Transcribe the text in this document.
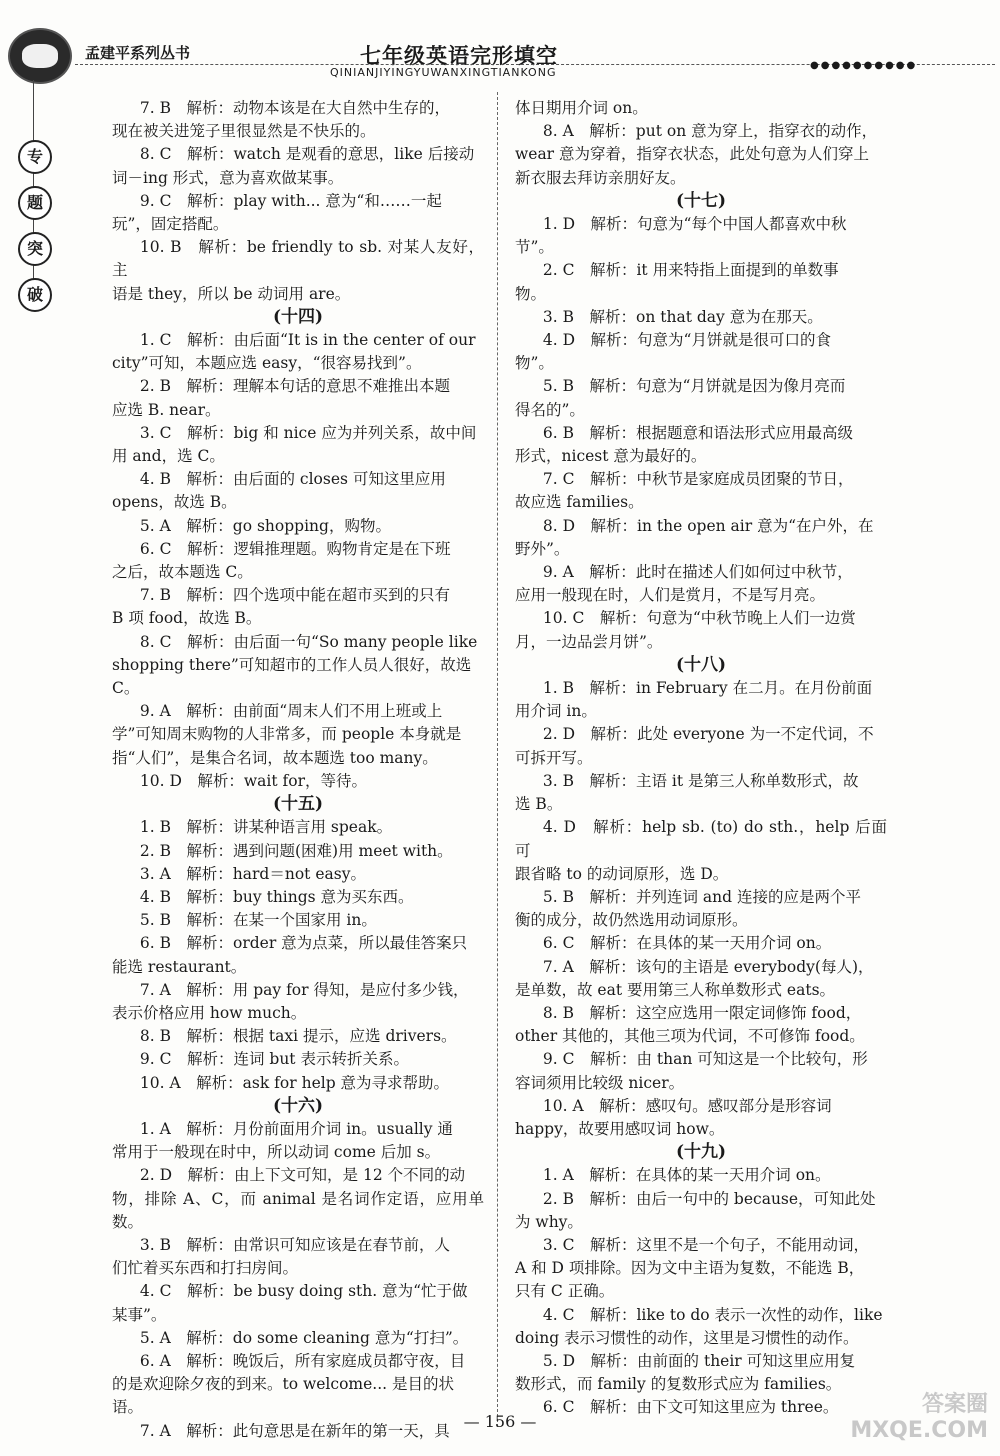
孟建平系列丛书	七年级英语完形填空	●●●●●●●●●●
QINIANJIYINGYUWANXINGTIANKONG
专
题
突
破

7. B　解析：动物本该是在大自然中生存的，

现在被关进笼子里很显然是不快乐的。

8. C　解析：watch 是观看的意思，like 后接动

词－ing 形式，意为喜欢做某事。

9. C　解析：play with... 意为“和……一起

玩”，固定搭配。

10. B　解析：be friendly to sb. 对某人友好，主

语是 they，所以 be 动词用 are。

(十四)

1. C　解析：由后面“It is in the center of our

city”可知，本题应选 easy，“很容易找到”。

2. B　解析：理解本句话的意思不难推出本题

应选 B. near。

3. C　解析：big 和 nice 应为并列关系，故中间

用 and，选 C。

4. B　解析：由后面的 closes 可知这里应用

opens，故选 B。

5. A　解析：go shopping，购物。

6. C　解析：逻辑推理题。购物肯定是在下班

之后，故本题选 C。

7. B　解析：四个选项中能在超市买到的只有

B 项 food，故选 B。

8. C　解析：由后面一句“So many people like

shopping there”可知超市的工作人员人很好，故选

C。

9. A　解析：由前面“周末人们不用上班或上

学”可知周末购物的人非常多，而 people 本身就是

指“人们”，是集合名词，故本题选 too many。

10. D　解析：wait for，等待。

(十五)

1. B　解析：讲某种语言用 speak。

2. B　解析：遇到问题(困难)用 meet with。

3. A　解析：hard＝not easy。

4. B　解析：buy things 意为买东西。

5. B　解析：在某一个国家用 in。

6. B　解析：order 意为点菜，所以最佳答案只

能选 restaurant。

7. A　解析：用 pay for 得知，是应付多少钱，

表示价格应用 how much。

8. B　解析：根据 taxi 提示，应选 drivers。

9. C　解析：连词 but 表示转折关系。

10. A　解析：ask for help 意为寻求帮助。

(十六)

1. A　解析：月份前面用介词 in。usually 通

常用于一般现在时中，所以动词 come 后加 s。

2. D　解析：由上下文可知，是 12 个不同的动

物，排除 A、C，而 animal 是名词作定语，应用单数。

3. B　解析：由常识可知应该是在春节前，人

们忙着买东西和打扫房间。

4. C　解析：be busy doing sth. 意为“忙于做

某事”。

5. A　解析：do some cleaning 意为“打扫”。

6. A　解析：晚饭后，所有家庭成员都守夜，目

的是欢迎除夕夜的到来。to welcome... 是目的状

语。

7. A　解析：此句意思是在新年的第一天，具

体日期用介词 on。

8. A　解析：put on 意为穿上，指穿衣的动作，

wear 意为穿着，指穿衣状态，此处句意为人们穿上

新衣服去拜访亲朋好友。

(十七)

1. D　解析：句意为“每个中国人都喜欢中秋

节”。

2. C　解析：it 用来特指上面提到的单数事

物。

3. B　解析：on that day 意为在那天。

4. D　解析：句意为“月饼就是很可口的食

物”。

5. B　解析：句意为“月饼就是因为像月亮而

得名的”。

6. B　解析：根据题意和语法形式应用最高级

形式，nicest 意为最好的。

7. C　解析：中秋节是家庭成员团聚的节日，

故应选 families。

8. D　解析：in the open air 意为“在户外，在

野外”。

9. A　解析：此时在描述人们如何过中秋节，

应用一般现在时，人们是赏月，不是写月亮。

10. C　解析：句意为“中秋节晚上人们一边赏

月，一边品尝月饼”。

(十八)

1. B　解析：in February 在二月。在月份前面

用介词 in。

2. D　解析：此处 everyone 为一不定代词，不

可拆开写。

3. B　解析：主语 it 是第三人称单数形式，故

选 B。

4. D　解析：help sb. (to) do sth.，help 后面可

跟省略 to 的动词原形，选 D。

5. B　解析：并列连词 and 连接的应是两个平

衡的成分，故仍然选用动词原形。

6. C　解析：在具体的某一天用介词 on。

7. A　解析：该句的主语是 everybody(每人)，

是单数，故 eat 要用第三人称单数形式 eats。

8. B　解析：这空应选用一限定词修饰 food，

other 其他的，其他三项为代词，不可修饰 food。

9. C　解析：由 than 可知这是一个比较句，形

容词须用比较级 nicer。

10. A　解析：感叹句。感叹部分是形容词

happy，故要用感叹词 how。

(十九)

1. A　解析：在具体的某一天用介词 on。

2. B　解析：由后一句中的 because，可知此处

为 why。

3. C　解析：这里不是一个句子，不能用动词，

A 和 D 项排除。因为文中主语为复数，不能选 B，

只有 C 正确。

4. C　解析：like to do 表示一次性的动作，like

doing 表示习惯性的动作，这里是习惯性的动作。

5. D　解析：由前面的 their 可知这里应用复

数形式，而 family 的复数形式应为 families。

6. C　解析：由下文可知这里应为 three。

— 156 —
答案圈
MXQE.COM
